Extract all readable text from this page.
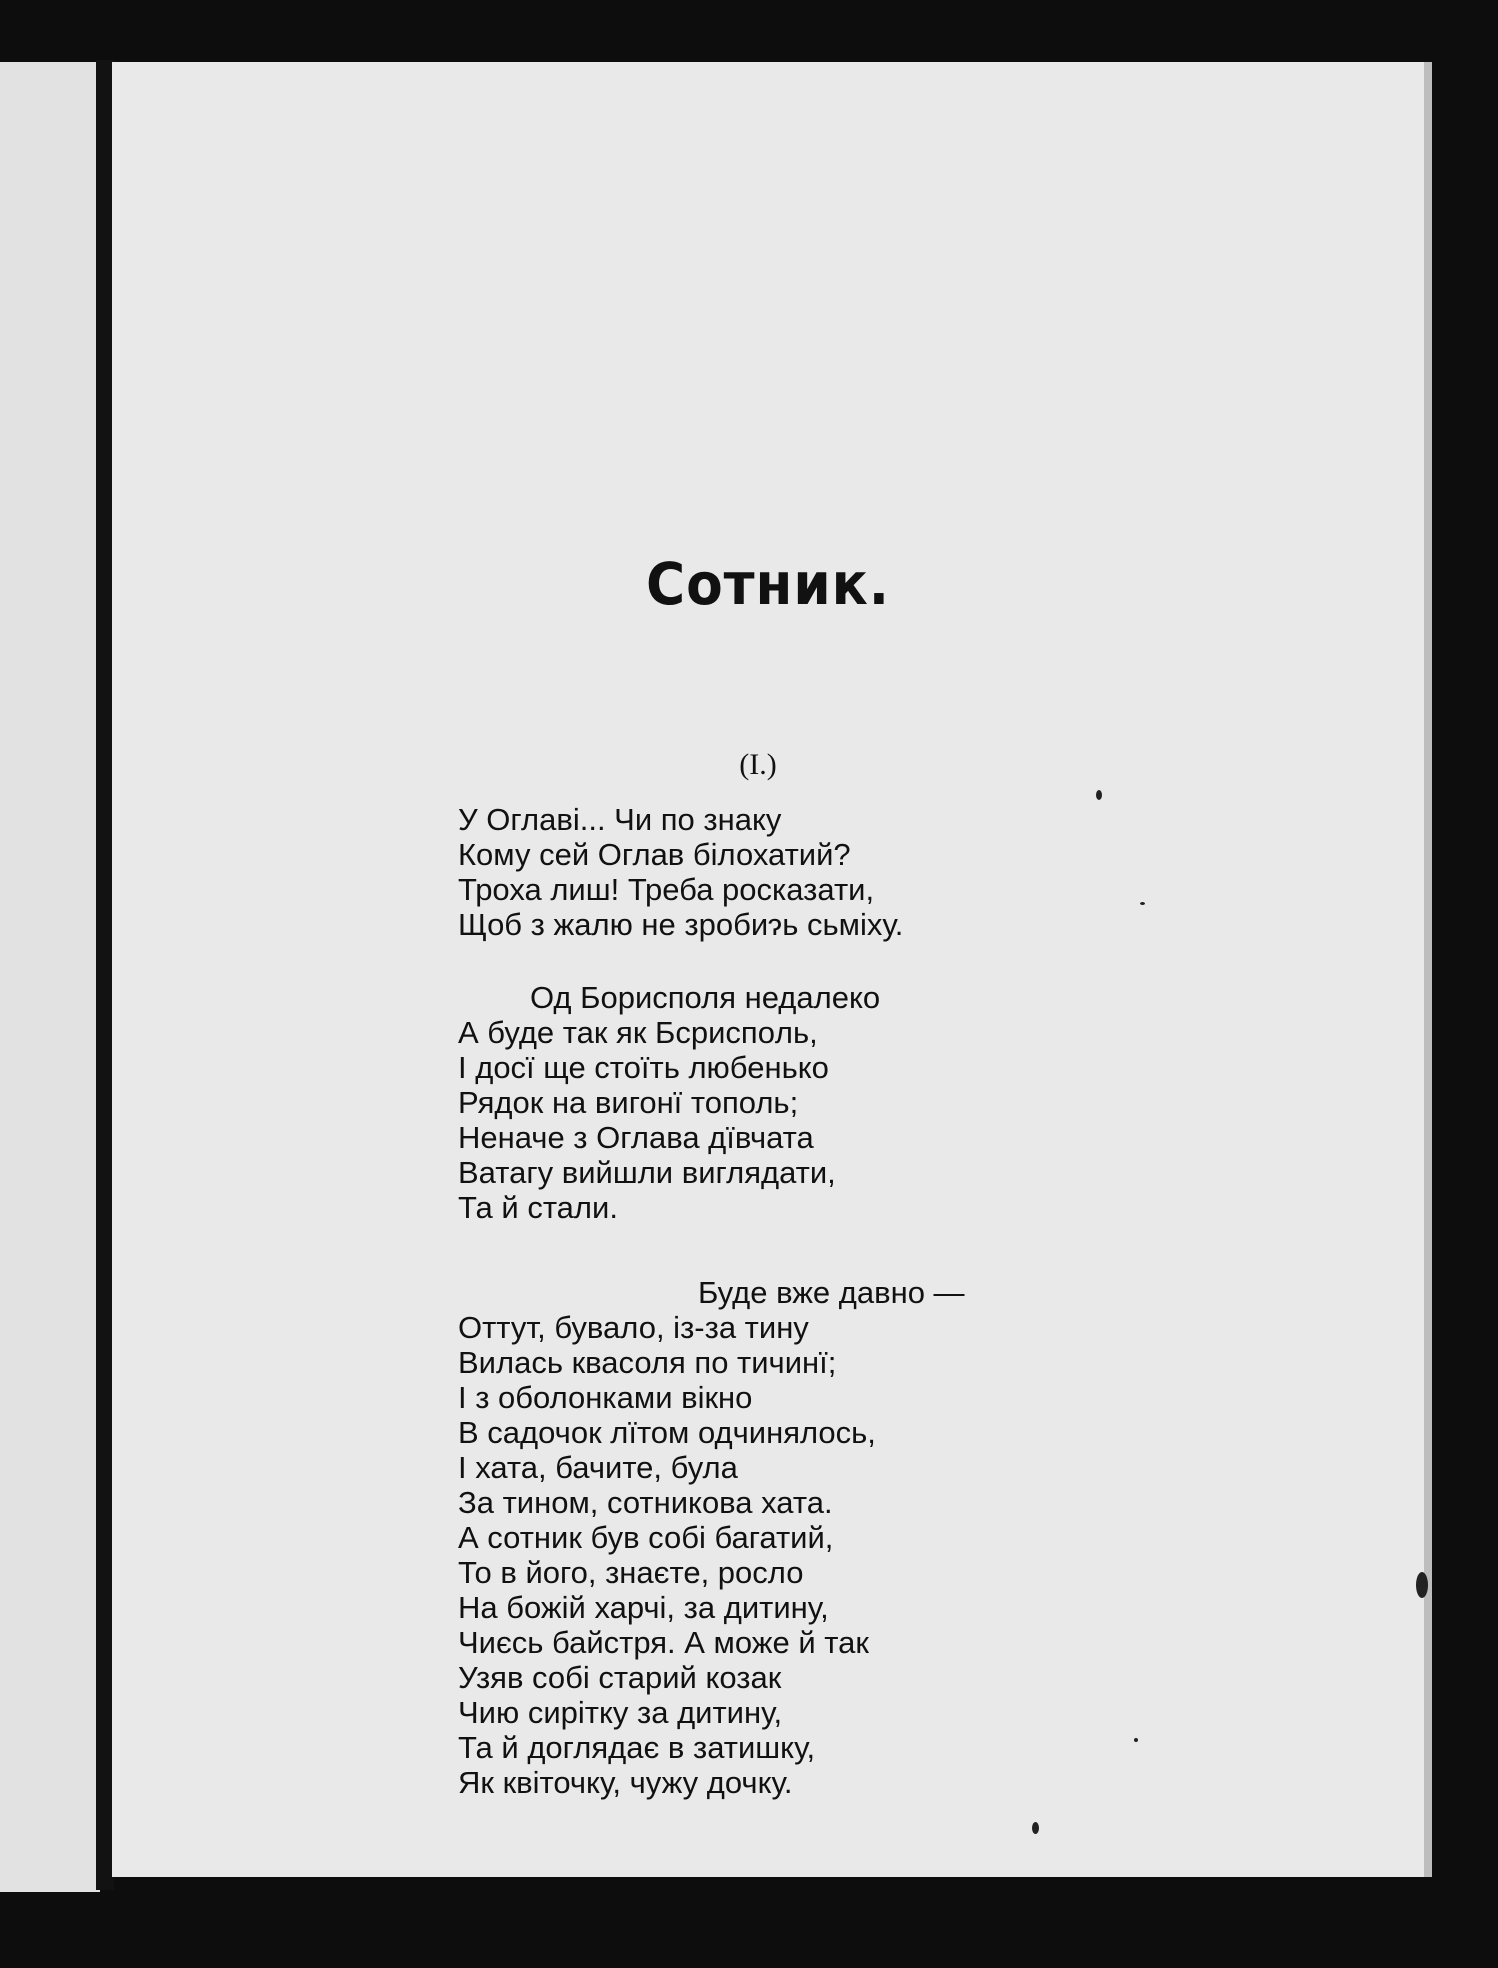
Сотник.
(I.)
У Оглаві... Чи по знаку
Кому сей Оглав білохатий?
Троха лиш! Треба росказати,
Щоб з жалю не зробиɂь сьміху.
Од Борисполя недалеко
А буде так як Бсриспoль,
І досї ще стоїть любенько
Рядок на вигонї тополь;
Неначе з Оглава дївчата
Ватагу вийшли виглядати,
Та й стали.
Буде вже давно —
Оттут, бувало, із-за тину
Вилась квасоля по тичинї;
І з оболонками вікно
В садочок лїтом одчинялось,
І хата, бачите, була
За тином, сотникова хата.
А сотник був собі багатий,
То в його, знаєте, росло
На божій харчі, за дитину,
Чиєсь байстря. А може й так
Узяв собі старий козак
Чию сирітку за дитину,
Та й доглядає в затишку,
Як квіточку, чужу дочку.
